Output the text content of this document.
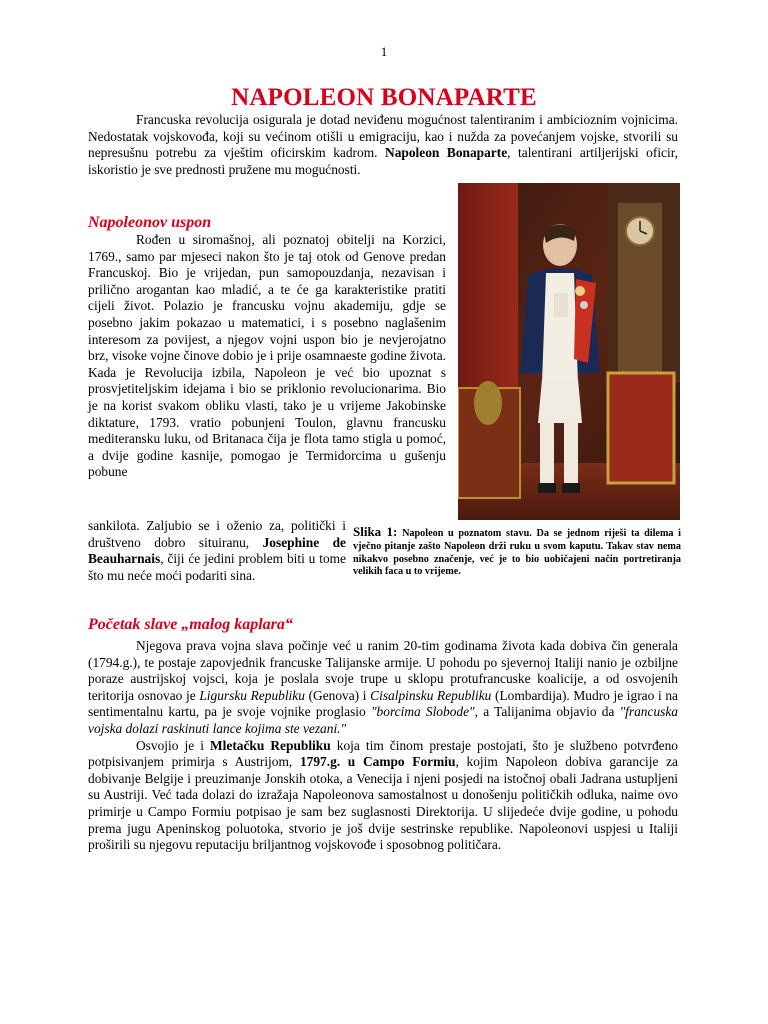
1
NAPOLEON BONAPARTE

Francuska revolucija osigurala je dotad neviđenu mogućnost talentiranim i ambicioznim vojnicima. Nedostatak vojskovođa, koji su većinom otišli u emigraciju, kao i nužda za povećanjem vojske, stvorili su nepresušnu potrebu za vještim oficirskim kadrom. Napoleon Bonaparte, talentirani artiljerijski oficir, iskoristio je sve prednosti pružene mu mogućnosti.

Napoleonov uspon

Rođen u siromašnoj, ali poznatoj obitelji na Korzici, 1769., samo par mjeseci nakon što je taj otok od Genove predan Francuskoj. Bio je vrijedan, pun samopouzdanja, nezavisan i prilično arogantan kao mladić, a te će ga karakteristike pratiti cijeli život. Polazio je francusku vojnu akademiju, gdje se posebno jakim pokazao u matematici, i s posebno naglašenim interesom za povijest, a njegov vojni uspon bio je nevjerojatno brz, visoke vojne činove dobio je i prije osamnaeste godine života. Kada je Revolucija izbila, Napoleon je već bio upoznat s prosvjetiteljskim idejama i bio se priklonio revolucionarima. Bio je na korist svakom obliku vlasti, tako je u vrijeme Jakobinske diktature, 1793. vratio pobunjeni Toulon, glavnu francusku mediteransku luku, od Britanaca čija je flota tamo stigla u pomoć, a dvije godine kasnije, pomogao je Termidorcima u gušenju pobune

Slika 1: Napoleon u poznatom stavu. Da se jednom riješi ta dilema i vječno pitanje zašto Napoleon drži ruku u svom kaputu. Takav stav nema nikakvo posebno značenje, već je to bio uobičajeni način portretiranja velikih faca u to vrijeme.

sankilota. Zaljubio se i oženio za, politički i društveno dobro situiranu, Josephine de Beauharnais, čiji će jedini problem biti u tome što mu neće moći podariti sina.

Početak slave „malog kaplara“

Njegova prava vojna slava počinje već u ranim 20-tim godinama života kada dobiva čin generala (1794.g.), te postaje zapovjednik francuske Talijanske armije. U pohodu po sjevernoj Italiji nanio je ozbiljne poraze austrijskoj vojsci, koja je poslala svoje trupe u sklopu protufrancuske koalicije, a od osvojenih teritorija osnovao je Ligursku Republiku (Genova) i Cisalpinsku Republiku (Lombardija). Mudro je igrao i na sentimentalnu kartu, pa je svoje vojnike proglasio "borcima Slobode", a Talijanima objavio da "francuska vojska dolazi raskinuti lance kojima ste vezani."

Osvojio je i Mletačku Republiku koja tim činom prestaje postojati, što je službeno potvrđeno potpisivanjem primirja s Austrijom, 1797.g. u Campo Formiu, kojim Napoleon dobiva garancije za dobivanje Belgije i preuzimanje Jonskih otoka, a Venecija i njeni posjedi na istočnoj obali Jadrana ustupljeni su Austriji. Već tada dolazi do izražaja Napoleonova samostalnost u donošenju političkih odluka, naime ovo primirje u Campo Formiu potpisao je sam bez suglasnosti Direktorija. U slijedeće dvije godine, u pohodu prema jugu Apeninskog poluotoka, stvorio je još dvije sestrinske republike. Napoleonovi uspjesi u Italiji proširili su njegovu reputaciju briljantnog vojskovođe i sposobnog političara.
